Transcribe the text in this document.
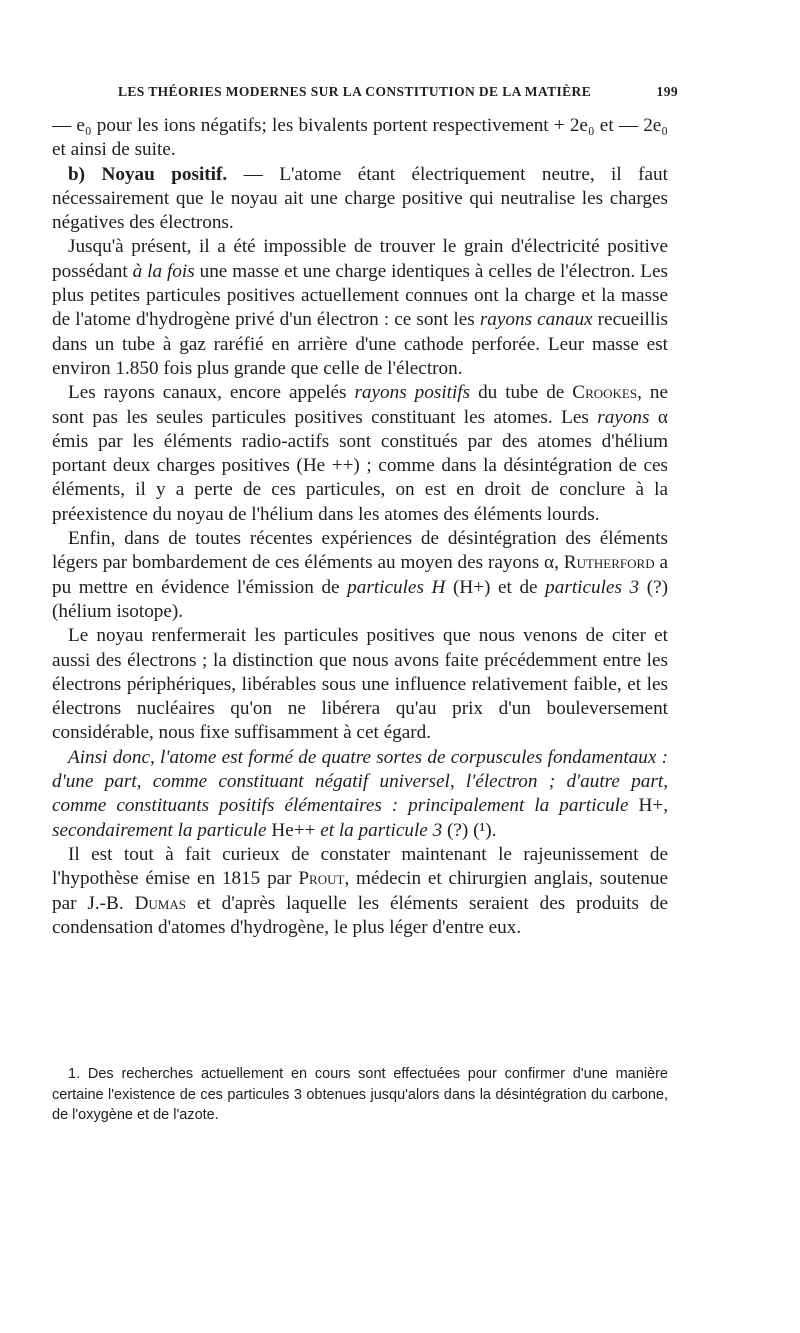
LES THÉORIES MODERNES SUR LA CONSTITUTION DE LA MATIÈRE	199

— e₀ pour les ions négatifs; les bivalents portent respectivement + 2e₀ et — 2e₀ et ainsi de suite.

b) Noyau positif. — L'atome étant électriquement neutre, il faut nécessairement que le noyau ait une charge positive qui neutralise les charges négatives des électrons.

Jusqu'à présent, il a été impossible de trouver le grain d'électricité positive possédant à la fois une masse et une charge identiques à celles de l'électron. Les plus petites particules positives actuellement connues ont la charge et la masse de l'atome d'hydrogène privé d'un électron : ce sont les rayons canaux recueillis dans un tube à gaz raréfié en arrière d'une cathode perforée. Leur masse est environ 1.850 fois plus grande que celle de l'électron.

Les rayons canaux, encore appelés rayons positifs du tube de Crookes, ne sont pas les seules particules positives constituant les atomes. Les rayons α émis par les éléments radio-actifs sont constitués par des atomes d'hélium portant deux charges positives (He ++) ; comme dans la désintégration de ces éléments, il y a perte de ces particules, on est en droit de conclure à la préexistence du noyau de l'hélium dans les atomes des éléments lourds.

Enfin, dans de toutes récentes expériences de désintégration des éléments légers par bombardement de ces éléments au moyen des rayons α, Rutherford a pu mettre en évidence l'émission de particules H (H+) et de particules 3 (?) (hélium isotope).

Le noyau renfermerait les particules positives que nous venons de citer et aussi des électrons ; la distinction que nous avons faite précédemment entre les électrons périphériques, libérables sous une influence relativement faible, et les électrons nucléaires qu'on ne libérera qu'au prix d'un bouleversement considérable, nous fixe suffisamment à cet égard.

Ainsi donc, l'atome est formé de quatre sortes de corpuscules fondamentaux : d'une part, comme constituant négatif universel, l'électron ; d'autre part, comme constituants positifs élémentaires : principalement la particule H+, secondairement la particule He++ et la particule 3 (?) (¹).

Il est tout à fait curieux de constater maintenant le rajeunissement de l'hypothèse émise en 1815 par Prout, médecin et chirurgien anglais, soutenue par J.-B. Dumas et d'après laquelle les éléments seraient des produits de condensation d'atomes d'hydrogène, le plus léger d'entre eux.

1. Des recherches actuellement en cours sont effectuées pour confirmer d'une manière certaine l'existence de ces particules 3 obtenues jusqu'alors dans la désintégration du carbone, de l'oxygène et de l'azote.
